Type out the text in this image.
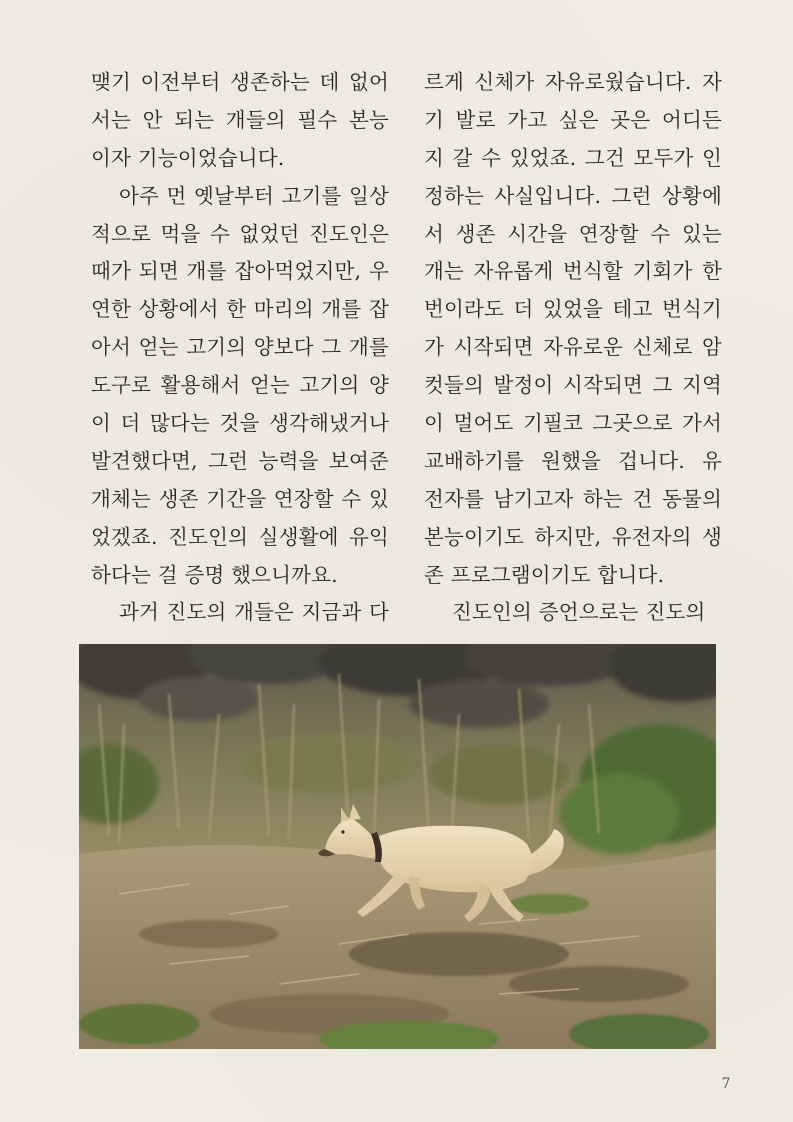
맺기 이전부터 생존하는 데 없어
서는 안 되는 개들의 필수 본능
이자 기능이었습니다.
아주 먼 옛날부터 고기를 일상
적으로 먹을 수 없었던 진도인은
때가 되면 개를 잡아먹었지만, 우
연한 상황에서 한 마리의 개를 잡
아서 얻는 고기의 양보다 그 개를
도구로 활용해서 얻는 고기의 양
이 더 많다는 것을 생각해냈거나
발견했다면, 그런 능력을 보여준
개체는 생존 기간을 연장할 수 있
었겠죠. 진도인의 실생활에 유익
하다는 걸 증명 했으니까요.
과거 진도의 개들은 지금과 다
르게 신체가 자유로웠습니다. 자
기 발로 가고 싶은 곳은 어디든
지 갈 수 있었죠. 그건 모두가 인
정하는 사실입니다. 그런 상황에
서 생존 시간을 연장할 수 있는
개는 자유롭게 번식할 기회가 한
번이라도 더 있었을 테고 번식기
가 시작되면 자유로운 신체로 암
컷들의 발정이 시작되면 그 지역
이 멀어도 기필코 그곳으로 가서
교배하기를 원했을 겁니다. 유
전자를 남기고자 하는 건 동물의
본능이기도 하지만, 유전자의 생
존 프로그램이기도 합니다.
진도인의 증언으로는 진도의
7
